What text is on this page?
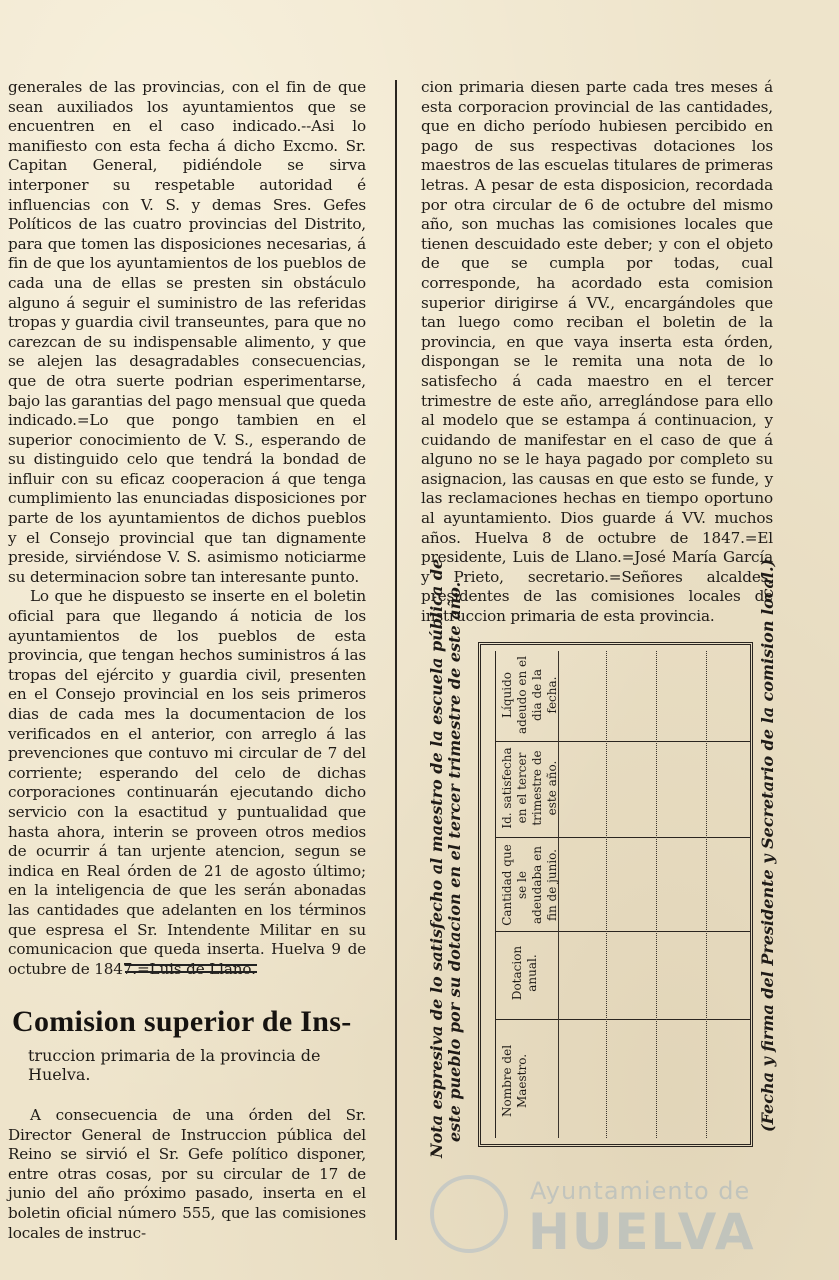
generales de las provincias, con el fin de que sean auxiliados los ayuntamientos que se encuentren en el caso indicado.--Asi lo manifiesto con esta fecha á dicho Excmo. Sr. Capitan General, pidiéndole se sirva interponer su respetable autoridad é influencias con V. S. y demas Sres. Gefes Políticos de las cuatro provincias del Distrito, para que tomen las disposiciones necesarias, á fin de que los ayuntamientos de los pueblos de cada una de ellas se presten sin obstáculo alguno á seguir el suministro de las referidas tropas y guardia civil transeuntes, para que no carezcan de su indispensable alimento, y que se alejen las desagradables consecuencias, que de otra suerte podrian esperimentarse, bajo las garantias del pago mensual que queda indicado.=Lo que pongo tambien en el superior conocimiento de V. S., esperando de su distinguido celo que tendrá la bondad de influir con su eficaz cooperacion á que tenga cumplimiento las enunciadas disposiciones por parte de los ayuntamientos de dichos pueblos y el Consejo provincial que tan dignamente preside, sirviéndose V. S. asimismo noticiarme su determinacion sobre tan interesante punto.

Lo que he dispuesto se inserte en el boletin oficial para que llegando á noticia de los ayuntamientos de los pueblos de esta provincia, que tengan hechos suministros á las tropas del ejército y guardia civil, presenten en el Consejo provincial en los seis primeros dias de cada mes la documentacion de los verificados en el anterior, con arreglo á las prevenciones que contuvo mi circular de 7 del corriente; esperando del celo de dichas corporaciones continuarán ejecutando dicho servicio con la esactitud y puntualidad que hasta ahora, interin se proveen otros medios de ocurrir á tan urjente atencion, segun se indica en Real órden de 21 de agosto último; en la inteligencia de que les serán abonadas las cantidades que adelanten en los términos que espresa el Sr. Intendente Militar en su comunicacion que queda inserta. Huelva 9 de octubre de 1847.=Luis de Llano.

Comision superior de Ins-
truccion primaria de la provincia de Huelva.

A consecuencia de una órden del Sr. Director General de Instruccion pública del Reino se sirvió el Sr. Gefe político disponer, entre otras cosas, por su circular de 17 de junio del año próximo pasado, inserta en el boletin oficial número 555, que las comisiones locales de instruc-

cion primaria diesen parte cada tres meses á esta corporacion provincial de las cantidades, que en dicho período hubiesen percibido en pago de sus respectivas dotaciones los maestros de las escuelas titulares de primeras letras. A pesar de esta disposicion, recordada por otra circular de 6 de octubre del mismo año, son muchas las comisiones locales que tienen descuidado este deber; y con el objeto de que se cumpla por todas, cual corresponde, ha acordado esta comision superior dirigirse á VV., encargándoles que tan luego como reciban el boletin de la provincia, en que vaya inserta esta órden, dispongan se le remita una nota de lo satisfecho á cada maestro en el tercer trimestre de este año, arreglándose para ello al modelo que se estampa á continuacion, y cuidando de manifestar en el caso de que á alguno no se le haya pagado por completo su asignacion, las causas en que esto se funde, y las reclamaciones hechas en tiempo oportuno al ayuntamiento. Dios guarde á VV. muchos años. Huelva 8 de octubre de 1847.=El presidente, Luis de Llano.=José María García y Prieto, secretario.=Señores alcaldes, presidentes de las comisiones locales de instruccion primaria de esta provincia.

Nota espresiva de lo satisfecho al maestro de la escuela pública de este pueblo por su dotacion en el tercer trimestre de este año.	(Fecha y firma del Presidente y Secretario de la comision local.)
Nombre del Maestro.
Dotacion anual.
Cantidad que se le adeudaba en fin de junio.
Id. satisfecha en el tercer trimestre de este año.
Líquido adeudo en el dia de la fecha.
Ayuntamiento de
HUELVA
